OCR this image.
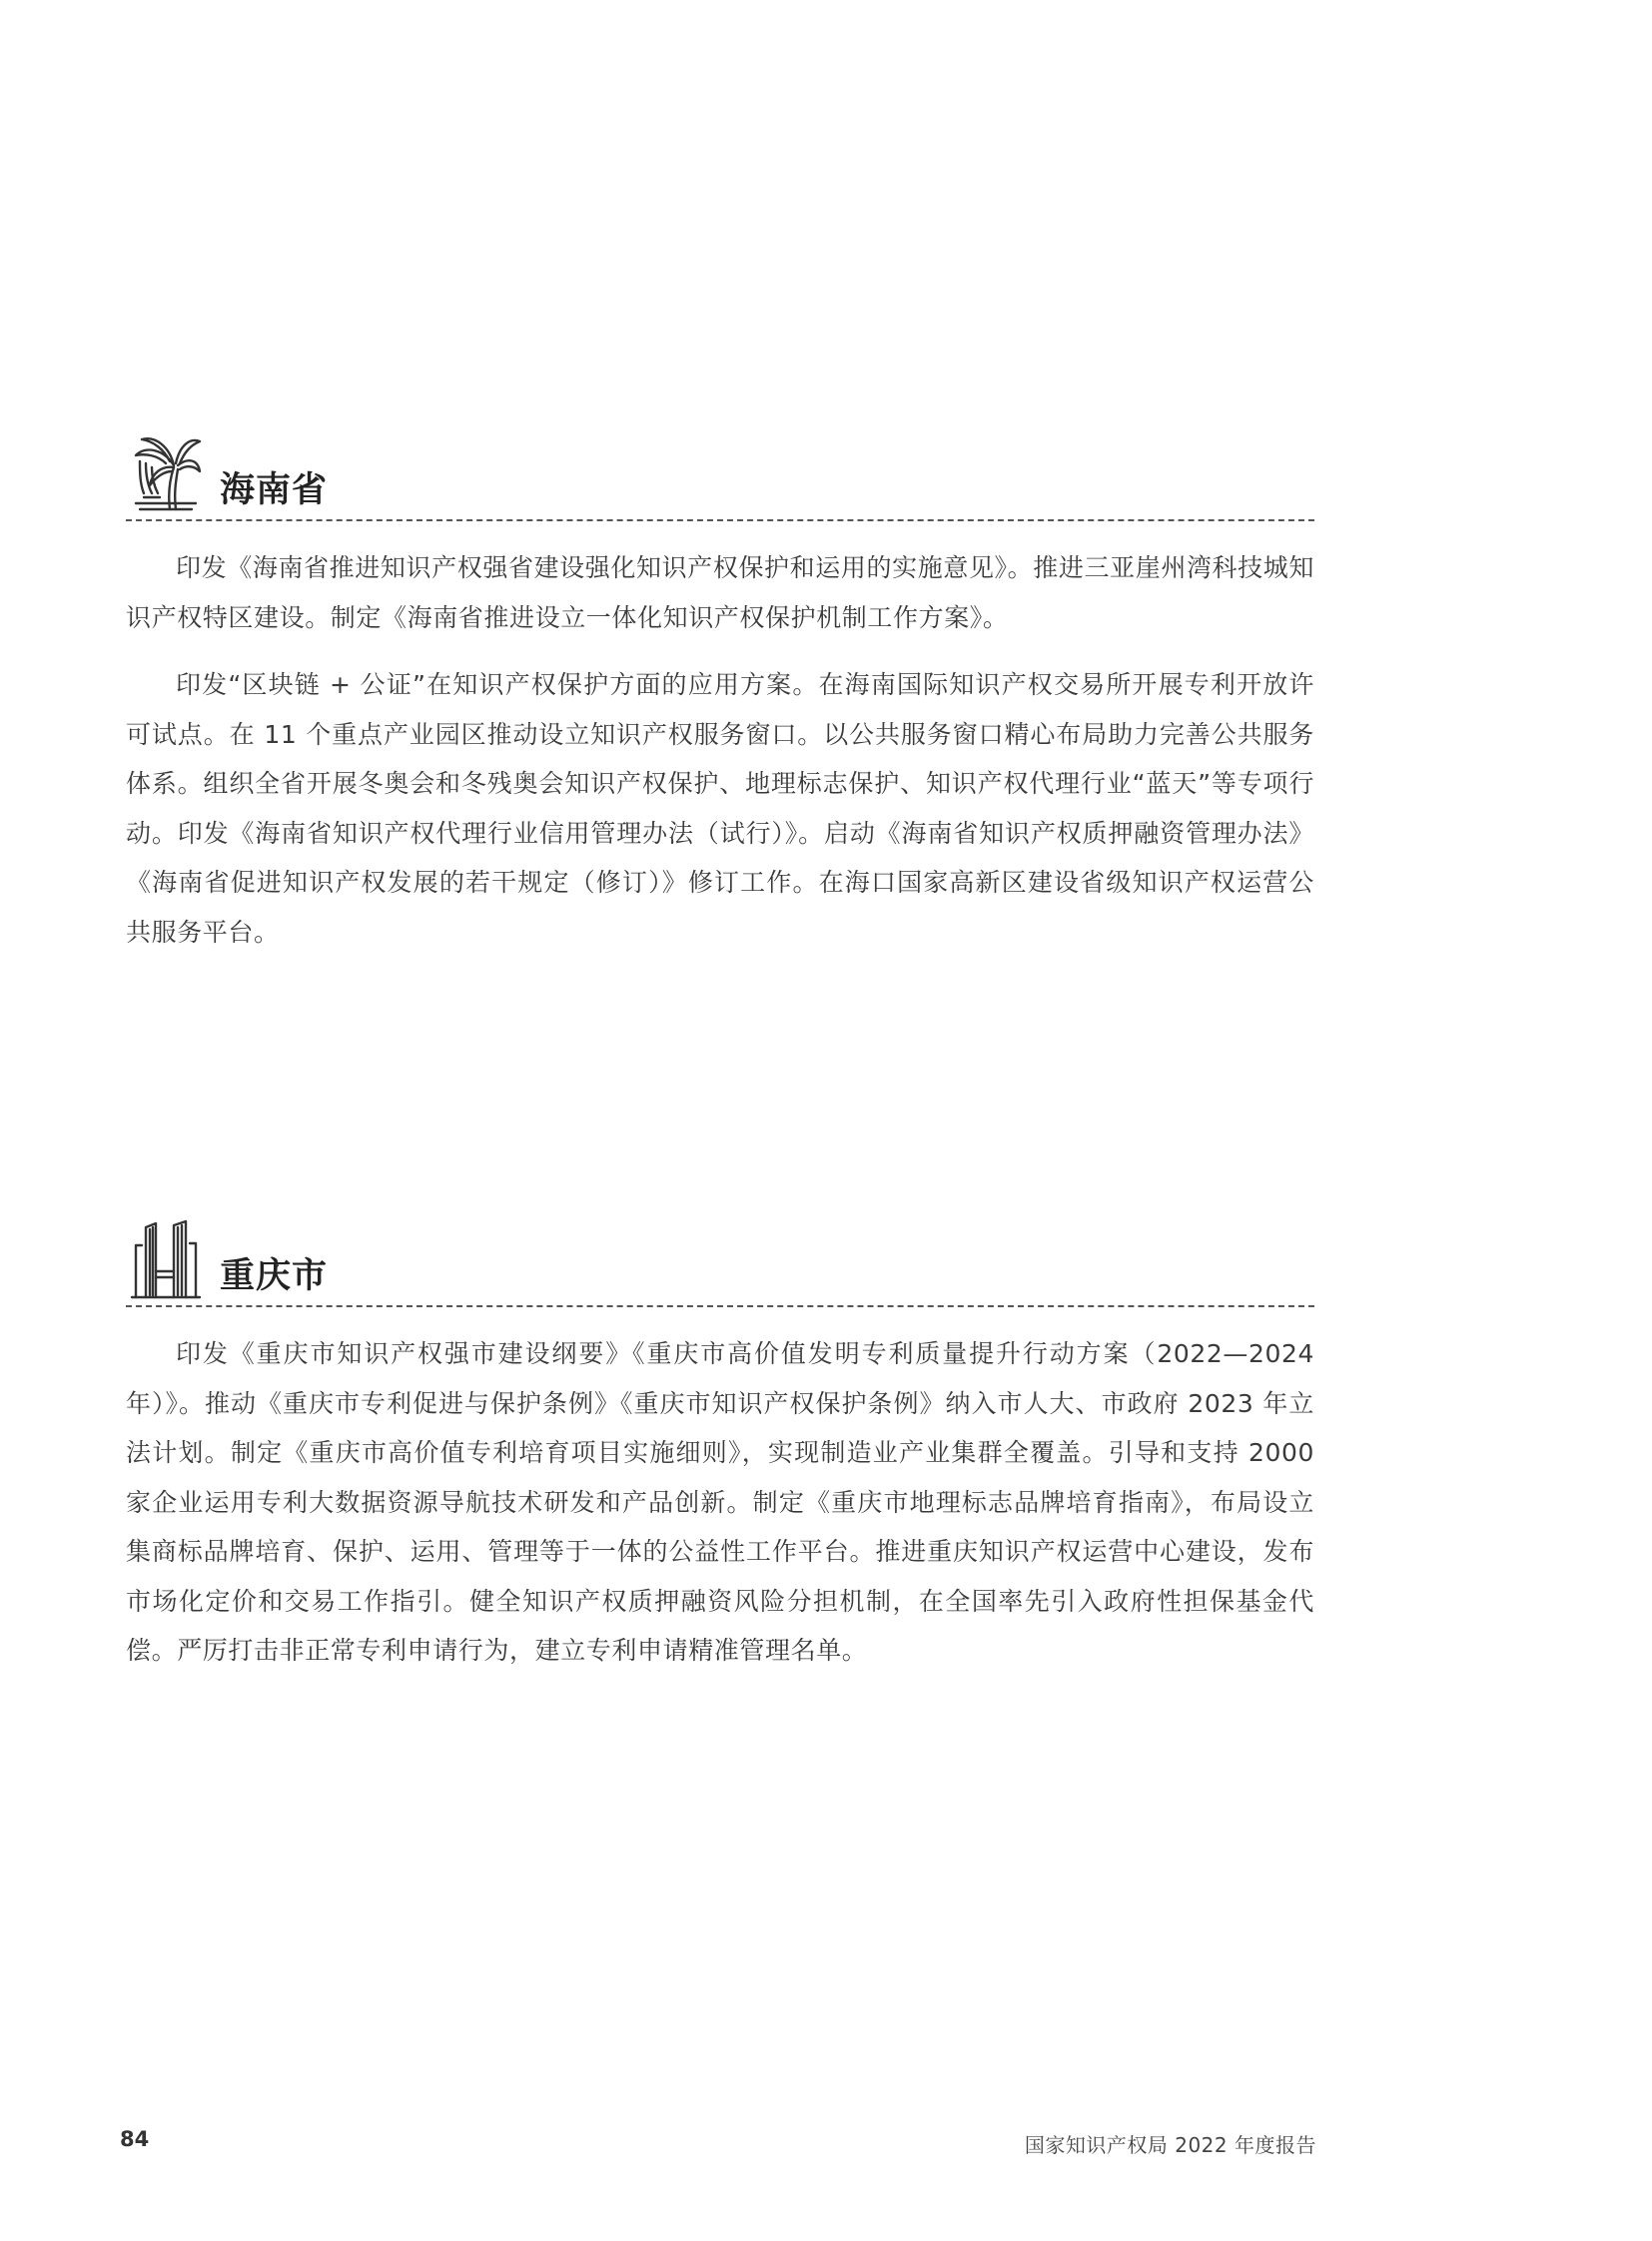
海南省

印发《海南省推进知识产权强省建设强化知识产权保护和运用的实施意见》。推进三亚崖州湾科技城知识产权特区建设。制定《海南省推进设立一体化知识产权保护机制工作方案》。

印发“区块链 + 公证”在知识产权保护方面的应用方案。在海南国际知识产权交易所开展专利开放许可试点。在 11 个重点产业园区推动设立知识产权服务窗口。以公共服务窗口精心布局助力完善公共服务体系。组织全省开展冬奥会和冬残奥会知识产权保护、地理标志保护、知识产权代理行业“蓝天”等专项行动。印发《海南省知识产权代理行业信用管理办法（试行）》。启动《海南省知识产权质押融资管理办法》《海南省促进知识产权发展的若干规定（修订）》修订工作。在海口国家高新区建设省级知识产权运营公共服务平台。

重庆市

印发《重庆市知识产权强市建设纲要》《重庆市高价值发明专利质量提升行动方案（2022—2024年）》。推动《重庆市专利促进与保护条例》《重庆市知识产权保护条例》纳入市人大、市政府 2023 年立法计划。制定《重庆市高价值专利培育项目实施细则》，实现制造业产业集群全覆盖。引导和支持 2000 家企业运用专利大数据资源导航技术研发和产品创新。制定《重庆市地理标志品牌培育指南》，布局设立集商标品牌培育、保护、运用、管理等于一体的公益性工作平台。推进重庆知识产权运营中心建设，发布市场化定价和交易工作指引。健全知识产权质押融资风险分担机制，在全国率先引入政府性担保基金代偿。严厉打击非正常专利申请行为，建立专利申请精准管理名单。

84	国家知识产权局 2022 年度报告
